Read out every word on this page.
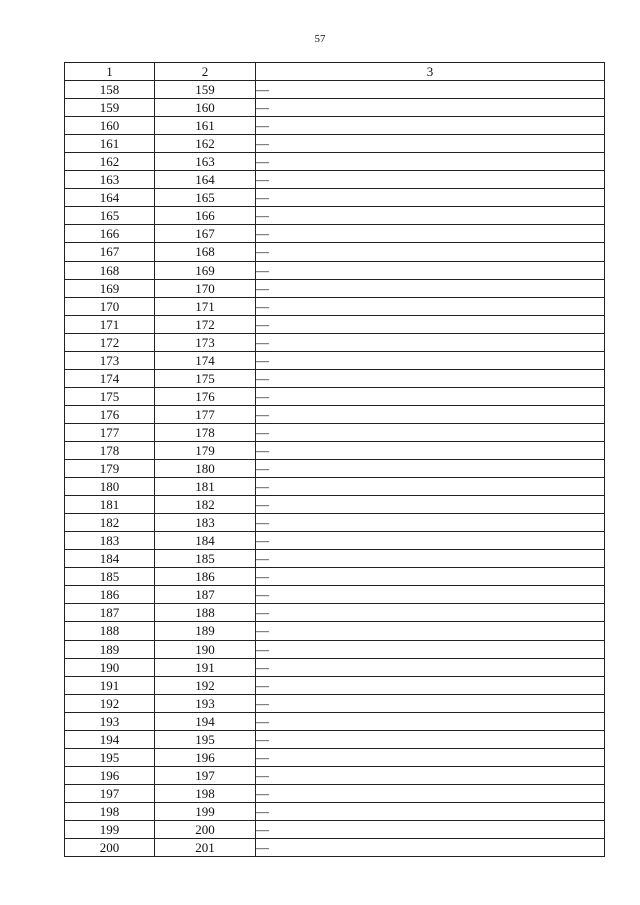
57
1	2	3
158	159	—
159	160	—
160	161	—
161	162	—
162	163	—
163	164	—
164	165	—
165	166	—
166	167	—
167	168	—
168	169	—
169	170	—
170	171	—
171	172	—
172	173	—
173	174	—
174	175	—
175	176	—
176	177	—
177	178	—
178	179	—
179	180	—
180	181	—
181	182	—
182	183	—
183	184	—
184	185	—
185	186	—
186	187	—
187	188	—
188	189	—
189	190	—
190	191	—
191	192	—
192	193	—
193	194	—
194	195	—
195	196	—
196	197	—
197	198	—
198	199	—
199	200	—
200	201	—
